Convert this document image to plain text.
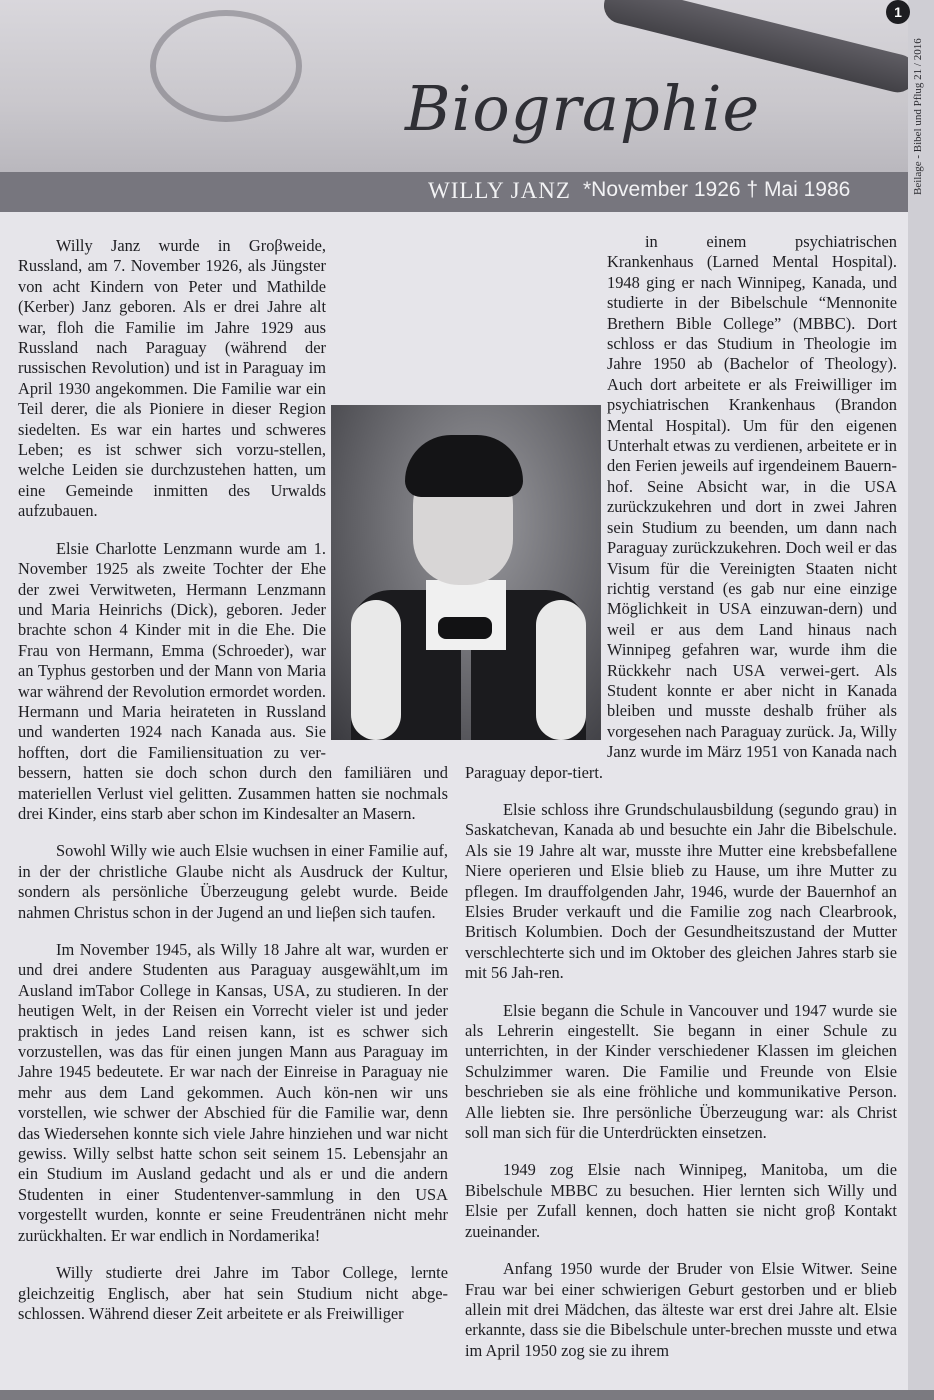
Biographie
WILLY JANZ *November 1926 † Mai 1986

Willy Janz wurde in Groβweide, Russland, am 7. November 1926, als Jüngster von acht Kindern von Peter und Mathilde (Kerber) Janz geboren. Als er drei Jahre alt war, floh die Familie im Jahre 1929 aus Russland nach Paraguay (während der russischen Revolution) und ist in Paraguay im April 1930 angekommen. Die Familie war ein Teil derer, die als Pioniere in dieser Region siedelten. Es war ein hartes und schweres Leben; es ist schwer sich vorzu-stellen, welche Leiden sie durchzustehen hatten, um eine Gemeinde inmitten des Urwalds aufzubauen.

Elsie Charlotte Lenzmann wurde am 1. November 1925 als zweite Tochter der Ehe der zwei Verwitweten, Hermann Lenzmann und Maria Heinrichs (Dick), geboren. Jeder brachte schon 4 Kinder mit in die Ehe. Die Frau von Hermann, Emma (Schroeder), war an Typhus gestorben und der Mann von Maria war während der Revolution ermordet worden. Hermann und Maria heirateten in Russland und wanderten 1924 nach Kanada aus. Sie hofften, dort die Familiensituation zu ver-bessern, hatten sie doch schon durch den familiären und materiellen Verlust viel gelitten. Zusammen hatten sie nochmals drei Kinder, eins starb aber schon im Kindesalter an Masern.

Sowohl Willy wie auch Elsie wuchsen in einer Familie auf, in der der christliche Glaube nicht als Ausdruck der Kultur, sondern als persönliche Überzeugung gelebt wurde. Beide nahmen Christus schon in der Jugend an und lieβen sich taufen.

Im November 1945, als Willy 18 Jahre alt war, wurden er und drei andere Studenten aus Paraguay ausgewählt,um im Ausland imTabor College in Kansas, USA, zu studieren. In der heutigen Welt, in der Reisen ein Vorrecht vieler ist und jeder praktisch in jedes Land reisen kann, ist es schwer sich vorzustellen, was das für einen jungen Mann aus Paraguay im Jahre 1945 bedeutete. Er war nach der Einreise in Paraguay nie mehr aus dem Land gekommen. Auch kön-nen wir uns vorstellen, wie schwer der Abschied für die Familie war, denn das Wiedersehen konnte sich viele Jahre hinziehen und war nicht gewiss. Willy selbst hatte schon seit seinem 15. Lebensjahr an ein Studium im Ausland gedacht und als er und die andern Studenten in einer Studentenver-sammlung in den USA vorgestellt wurden, konnte er seine Freudentränen nicht mehr zurückhalten. Er war endlich in Nordamerika!

Willy studierte drei Jahre im Tabor College, lernte gleichzeitig Englisch, aber hat sein Studium nicht abge-schlossen. Während dieser Zeit arbeitete er als Freiwilliger

in einem psychiatrischen Krankenhaus (Larned Mental Hospital). 1948 ging er nach Winnipeg, Kanada, und studierte in der Bibelschule “Mennonite Brethern Bible College” (MBBC). Dort schloss er das Studium in Theologie im Jahre 1950 ab (Bachelor of Theology). Auch dort arbeitete er als Freiwilliger im psychiatrischen Krankenhaus (Brandon Mental Hospital). Um für den eigenen Unterhalt etwas zu verdienen, arbeitete er in den Ferien jeweils auf irgendeinem Bauern-hof. Seine Absicht war, in die USA zurückzukehren und dort in zwei Jahren sein Studium zu beenden, um dann nach Paraguay zurückzukehren. Doch weil er das Visum für die Vereinigten Staaten nicht richtig verstand (es gab nur eine einzige Möglichkeit in USA einzuwan-dern) und weil er aus dem Land hinaus nach Winnipeg gefahren war, wurde ihm die Rückkehr nach USA verwei-gert. Als Student konnte er aber nicht in Kanada bleiben und musste deshalb früher als vorgesehen nach Paraguay zurück. Ja, Willy Janz wurde im März 1951 von Kanada nach Paraguay depor-tiert.

Elsie schloss ihre Grundschulausbildung (segundo grau) in Saskatchevan, Kanada ab und besuchte ein Jahr die Bibelschule. Als sie 19 Jahre alt war, musste ihre Mutter eine krebsbefallene Niere operieren und Elsie blieb zu Hause, um ihre Mutter zu pflegen. Im drauffolgenden Jahr, 1946, wurde der Bauernhof an Elsies Bruder verkauft und die Familie zog nach Clearbrook, Britisch Kolumbien. Doch der Gesundheitszustand der Mutter verschlechterte sich und im Oktober des gleichen Jahres starb sie mit 56 Jah-ren.

Elsie begann die Schule in Vancouver und 1947 wurde sie als Lehrerin eingestellt. Sie begann in einer Schule zu unterrichten, in der Kinder verschiedener Klassen im gleichen Schulzimmer waren. Die Familie und Freunde von Elsie beschrieben sie als eine fröhliche und kommunikative Person. Alle liebten sie. Ihre persönliche Überzeugung war: als Christ soll man sich für die Unterdrückten einsetzen.

1949 zog Elsie nach Winnipeg, Manitoba, um die Bibelschule MBBC zu besuchen. Hier lernten sich Willy und Elsie per Zufall kennen, doch hatten sie nicht groβ Kontakt zueinander.

Anfang 1950 wurde der Bruder von Elsie Witwer. Seine Frau war bei einer schwierigen Geburt gestorben und er blieb allein mit drei Mädchen, das älteste war erst drei Jahre alt. Elsie erkannte, dass sie die Bibelschule unter-brechen musste und etwa im April 1950 zog sie zu ihrem

1
Beilage - Bibel und Pflug 21 / 2016
